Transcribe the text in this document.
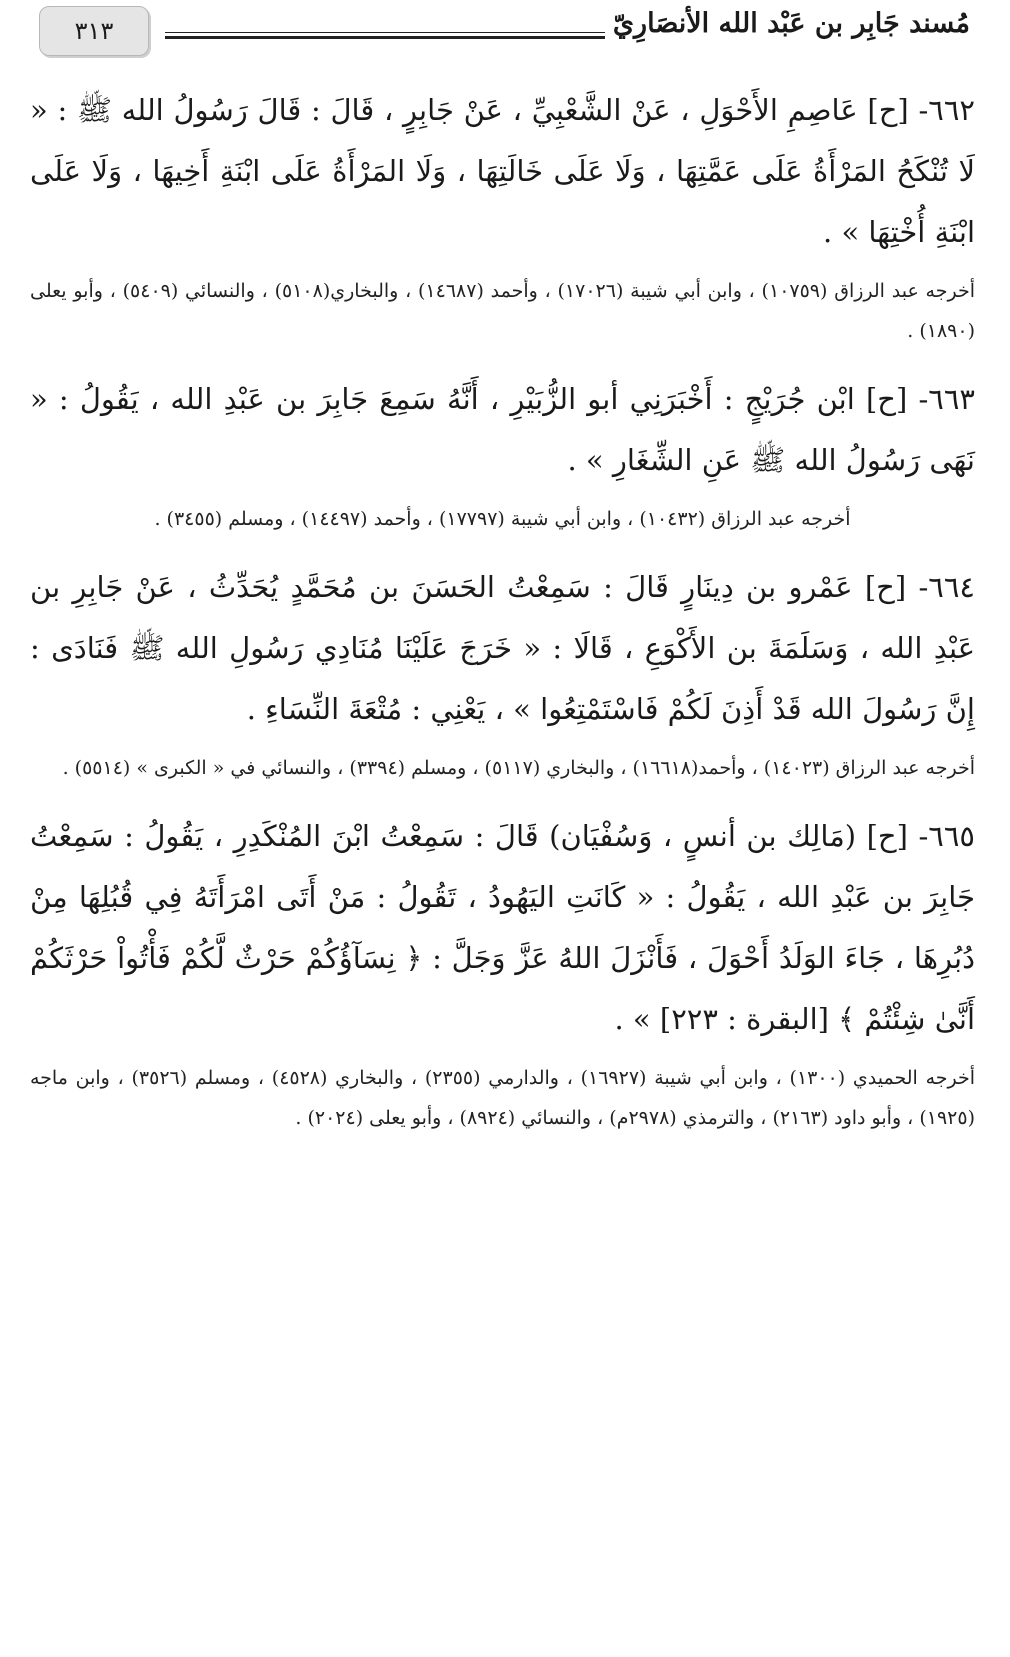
٣١٣	مُسند جَابِر بن عَبْد الله الأنصَارِيّ

٦٦٢- [ح] عَاصِمِ الأَحْوَلِ ، عَنْ الشَّعْبِيِّ ، عَنْ جَابِرٍ ، قَالَ : قَالَ رَسُولُ الله ﷺ : « لَا تُنْكَحُ المَرْأَةُ عَلَى عَمَّتِهَا ، وَلَا عَلَى خَالَتِهَا ، وَلَا المَرْأَةُ عَلَى ابْنَةِ أَخِيهَا ، وَلَا عَلَى ابْنَةِ أُخْتِهَا » .

أخرجه عبد الرزاق (١٠٧٥٩) ، وابن أبي شيبة (١٧٠٢٦) ، وأحمد (١٤٦٨٧) ، والبخاري(٥١٠٨) ، والنسائي (٥٤٠٩) ، وأبو يعلى (١٨٩٠) .

٦٦٣- [ح] ابْن جُرَيْجٍ : أَخْبَرَنِي أبو الزُّبَيْرِ ، أَنَّهُ سَمِعَ جَابِرَ بن عَبْدِ الله ، يَقُولُ : « نَهَى رَسُولُ الله ﷺ عَنِ الشِّغَارِ » .

أخرجه عبد الرزاق (١٠٤٣٢) ، وابن أبي شيبة (١٧٧٩٧) ، وأحمد (١٤٤٩٧) ، ومسلم (٣٤٥٥) .

٦٦٤- [ح] عَمْرو بن دِينَارٍ قَالَ : سَمِعْتُ الحَسَنَ بن مُحَمَّدٍ يُحَدِّثُ ، عَنْ جَابِرِ بن عَبْدِ الله ، وَسَلَمَةَ بن الأَكْوَعِ ، قَالَا : « خَرَجَ عَلَيْنَا مُنَادِي رَسُولِ الله ﷺ فَنَادَى : إِنَّ رَسُولَ الله قَدْ أَذِنَ لَكُمْ فَاسْتَمْتِعُوا » ، يَعْنِي : مُتْعَةَ النِّسَاءِ .

أخرجه عبد الرزاق (١٤٠٢٣) ، وأحمد(١٦٦١٨) ، والبخاري (٥١١٧) ، ومسلم (٣٣٩٤) ، والنسائي في « الكبرى » (٥٥١٤) .

٦٦٥- [ح] (مَالِك بن أنسٍ ، وَسُفْيَان) قَالَ : سَمِعْتُ ابْنَ المُنْكَدِرِ ، يَقُولُ : سَمِعْتُ جَابِرَ بن عَبْدِ الله ، يَقُولُ : « كَانَتِ اليَهُودُ ، تَقُولُ : مَنْ أَتَى امْرَأَتَهُ فِي قُبُلِهَا مِنْ دُبُرِهَا ، جَاءَ الوَلَدُ أَحْوَلَ ، فَأَنْزَلَ اللهُ عَزَّ وَجَلَّ : ﴿ نِسَآؤُكُمْ حَرْثٌ لَّكُمْ فَأْتُواْ حَرْثَكُمْ أَنَّىٰ شِئْتُمْ ﴾ [البقرة : ٢٢٣] » .

أخرجه الحميدي (١٣٠٠) ، وابن أبي شيبة (١٦٩٢٧) ، والدارمي (٢٣٥٥) ، والبخاري (٤٥٢٨) ، ومسلم (٣٥٢٦) ، وابن ماجه (١٩٢٥) ، وأبو داود (٢١٦٣) ، والترمذي (٢٩٧٨م) ، والنسائي (٨٩٢٤) ، وأبو يعلى (٢٠٢٤) .
